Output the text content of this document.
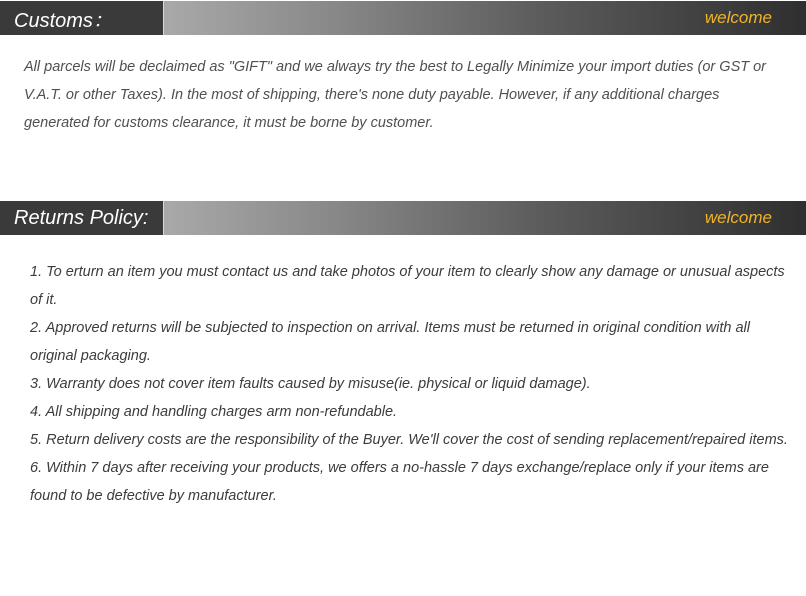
Customs：	welcome

All parcels will be declaimed as "GIFT" and we always try the best to Legally Minimize your import duties (or GST or V.A.T. or other Taxes). In the most of shipping, there's none duty payable. However, if any additional charges generated for customs clearance, it must be borne by customer.

Returns Policy:	welcome
1. To erturn an item you must contact us and take photos of your item to clearly show any damage or unusual aspects of it.
2. Approved returns will be subjected to inspection on arrival. Items must be returned in original condition with all original packaging.
3. Warranty does not cover item faults caused by misuse(ie. physical or liquid damage).
4. All shipping and handling charges arm non-refundable.
5. Return delivery costs are the responsibility of the Buyer. We'll cover the cost of sending replacement/repaired items.
6. Within 7 days after receiving your products, we offers a no-hassle 7 days exchange/replace only if your items are found to be defective by manufacturer.
